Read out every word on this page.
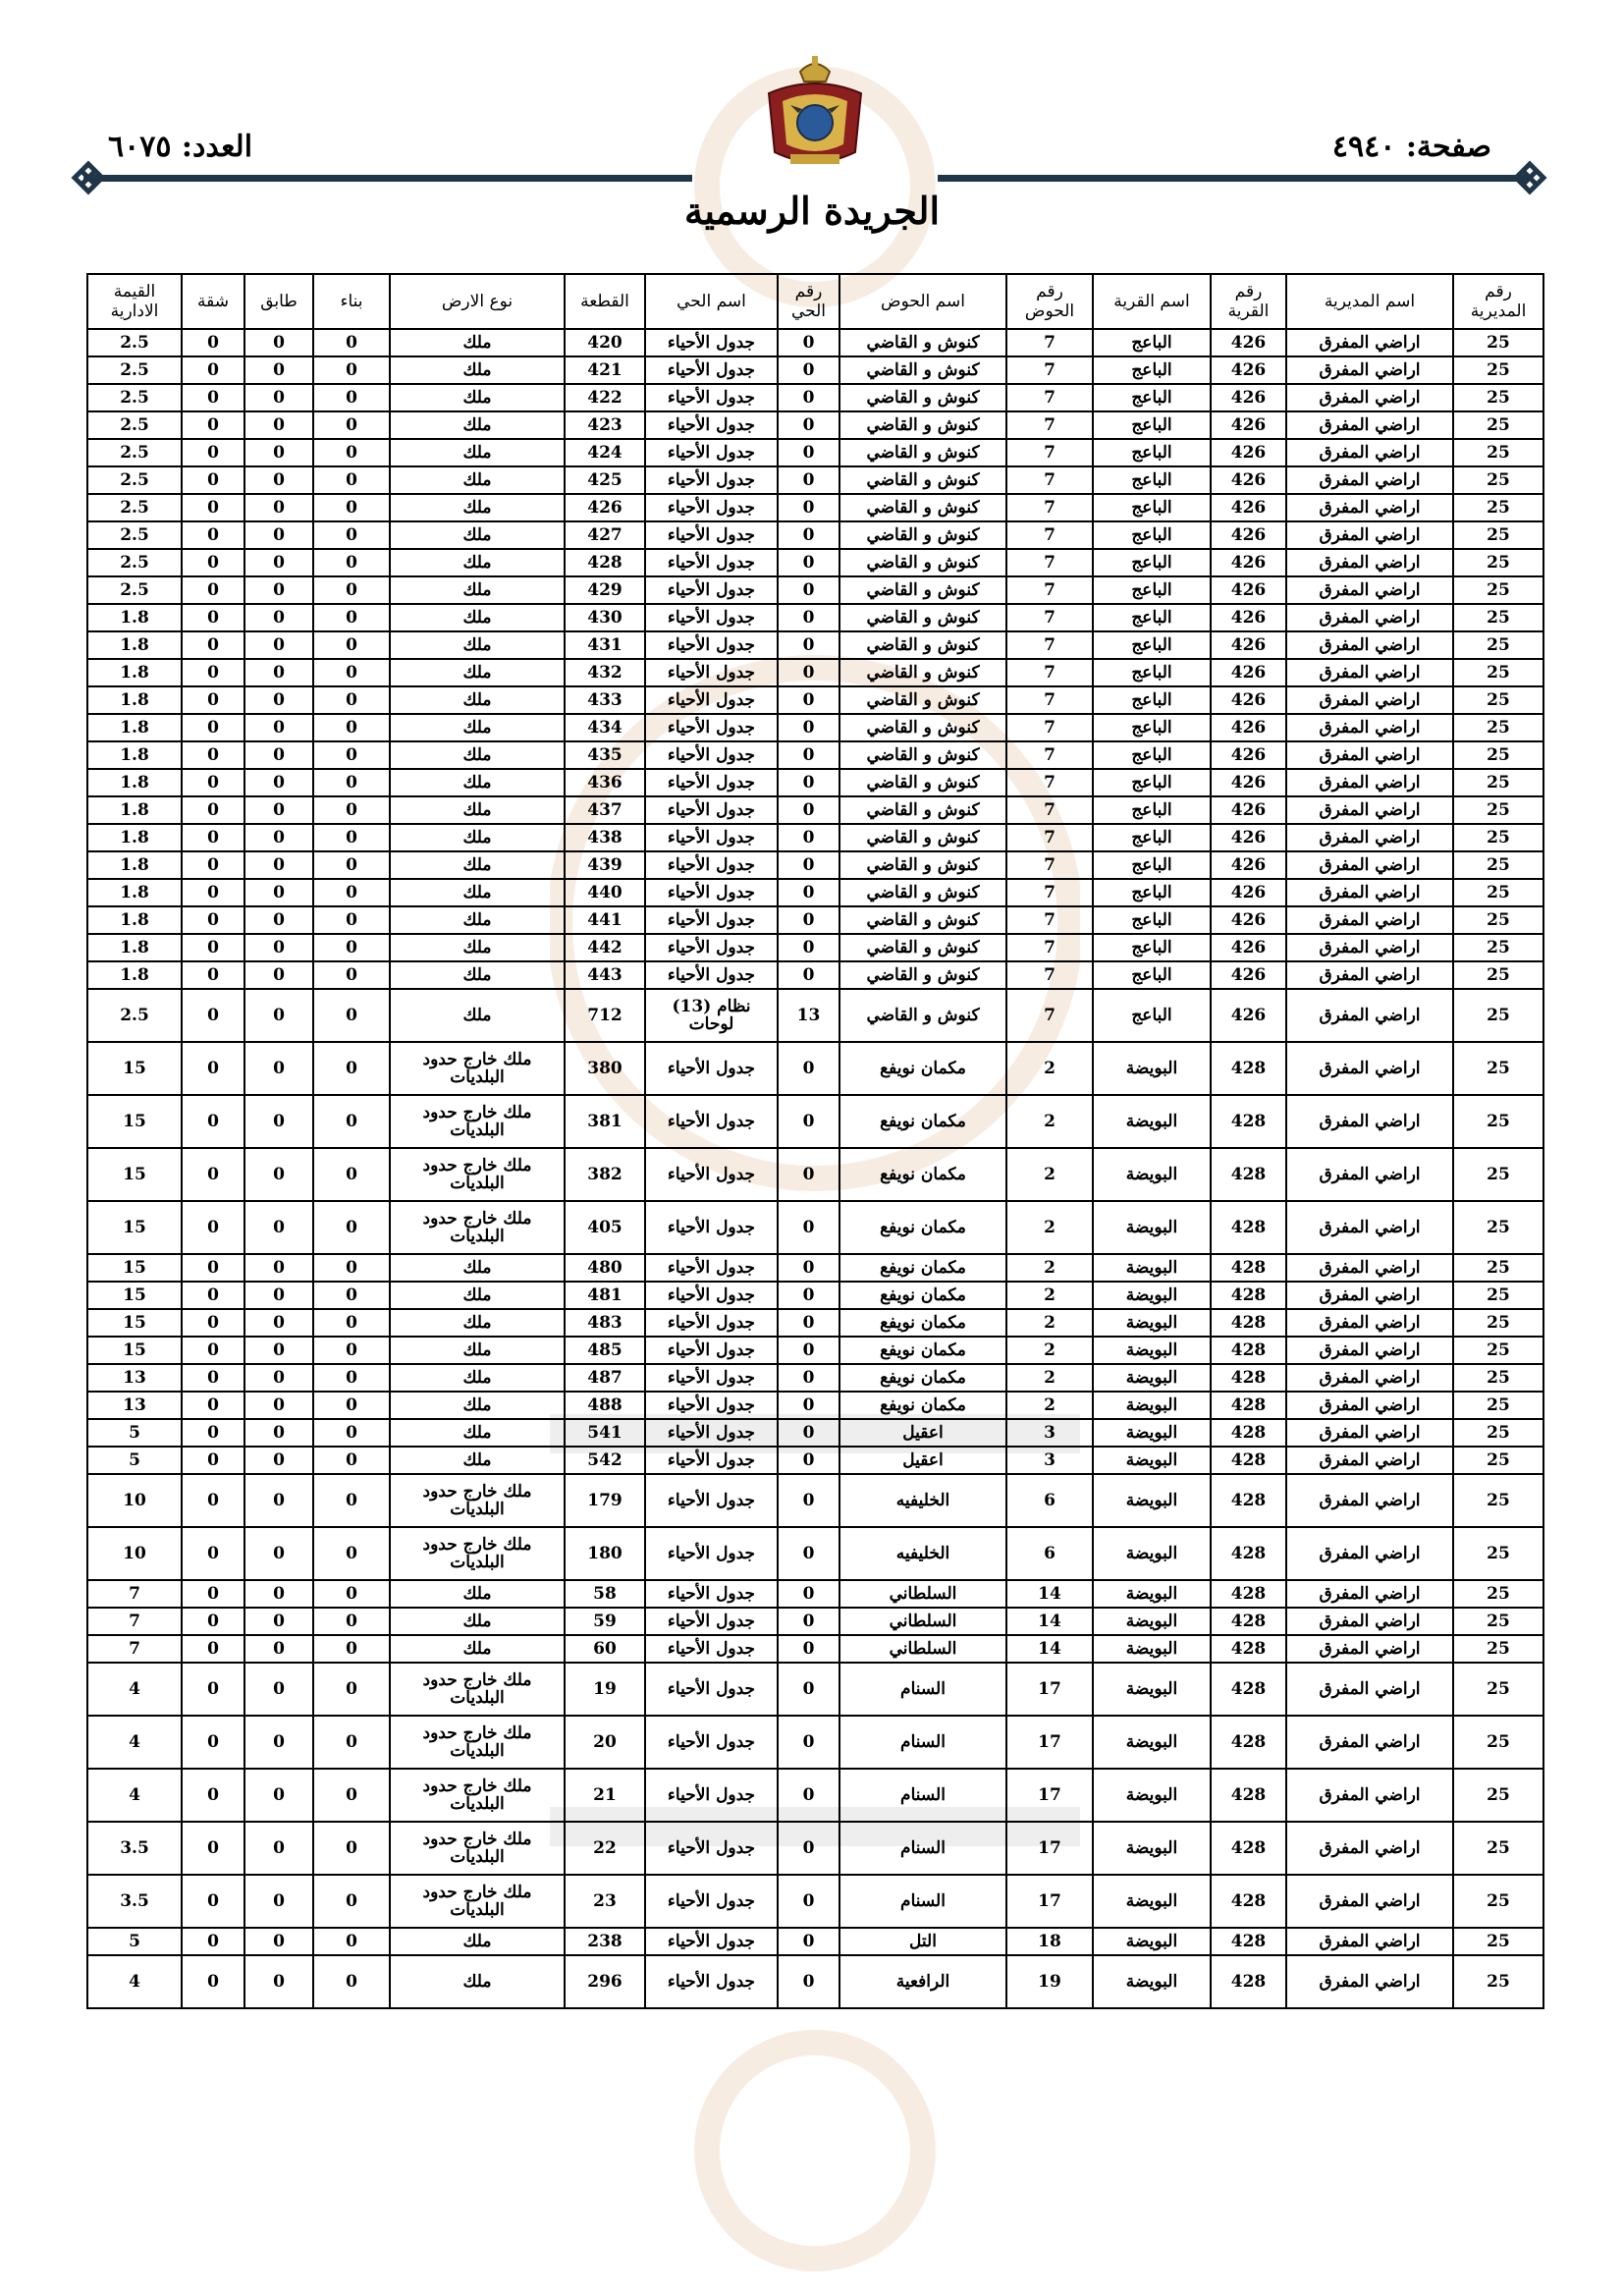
صفحة: ٤٩٤٠
العدد: ٦٠٧٥
الجريدة الرسمية
رقم المديرية	اسم المديرية	رقم القرية	اسم القرية	رقم الحوض	اسم الحوض	رقم الحي	اسم الحي	القطعة	نوع الارض	بناء	طابق	شقة	القيمة الادارية
25	اراضي المفرق	426	الباعج	7	كنوش و القاضي	0	جدول الأحياء	420	ملك	0	0	0	2.5
25	اراضي المفرق	426	الباعج	7	كنوش و القاضي	0	جدول الأحياء	421	ملك	0	0	0	2.5
25	اراضي المفرق	426	الباعج	7	كنوش و القاضي	0	جدول الأحياء	422	ملك	0	0	0	2.5
25	اراضي المفرق	426	الباعج	7	كنوش و القاضي	0	جدول الأحياء	423	ملك	0	0	0	2.5
25	اراضي المفرق	426	الباعج	7	كنوش و القاضي	0	جدول الأحياء	424	ملك	0	0	0	2.5
25	اراضي المفرق	426	الباعج	7	كنوش و القاضي	0	جدول الأحياء	425	ملك	0	0	0	2.5
25	اراضي المفرق	426	الباعج	7	كنوش و القاضي	0	جدول الأحياء	426	ملك	0	0	0	2.5
25	اراضي المفرق	426	الباعج	7	كنوش و القاضي	0	جدول الأحياء	427	ملك	0	0	0	2.5
25	اراضي المفرق	426	الباعج	7	كنوش و القاضي	0	جدول الأحياء	428	ملك	0	0	0	2.5
25	اراضي المفرق	426	الباعج	7	كنوش و القاضي	0	جدول الأحياء	429	ملك	0	0	0	2.5
25	اراضي المفرق	426	الباعج	7	كنوش و القاضي	0	جدول الأحياء	430	ملك	0	0	0	1.8
25	اراضي المفرق	426	الباعج	7	كنوش و القاضي	0	جدول الأحياء	431	ملك	0	0	0	1.8
25	اراضي المفرق	426	الباعج	7	كنوش و القاضي	0	جدول الأحياء	432	ملك	0	0	0	1.8
25	اراضي المفرق	426	الباعج	7	كنوش و القاضي	0	جدول الأحياء	433	ملك	0	0	0	1.8
25	اراضي المفرق	426	الباعج	7	كنوش و القاضي	0	جدول الأحياء	434	ملك	0	0	0	1.8
25	اراضي المفرق	426	الباعج	7	كنوش و القاضي	0	جدول الأحياء	435	ملك	0	0	0	1.8
25	اراضي المفرق	426	الباعج	7	كنوش و القاضي	0	جدول الأحياء	436	ملك	0	0	0	1.8
25	اراضي المفرق	426	الباعج	7	كنوش و القاضي	0	جدول الأحياء	437	ملك	0	0	0	1.8
25	اراضي المفرق	426	الباعج	7	كنوش و القاضي	0	جدول الأحياء	438	ملك	0	0	0	1.8
25	اراضي المفرق	426	الباعج	7	كنوش و القاضي	0	جدول الأحياء	439	ملك	0	0	0	1.8
25	اراضي المفرق	426	الباعج	7	كنوش و القاضي	0	جدول الأحياء	440	ملك	0	0	0	1.8
25	اراضي المفرق	426	الباعج	7	كنوش و القاضي	0	جدول الأحياء	441	ملك	0	0	0	1.8
25	اراضي المفرق	426	الباعج	7	كنوش و القاضي	0	جدول الأحياء	442	ملك	0	0	0	1.8
25	اراضي المفرق	426	الباعج	7	كنوش و القاضي	0	جدول الأحياء	443	ملك	0	0	0	1.8
25	اراضي المفرق	426	الباعج	7	كنوش و القاضي	13	نظام (13) لوحات	712	ملك	0	0	0	2.5
25	اراضي المفرق	428	البويضة	2	مكمان نويفع	0	جدول الأحياء	380	ملك خارج حدود البلديات	0	0	0	15
25	اراضي المفرق	428	البويضة	2	مكمان نويفع	0	جدول الأحياء	381	ملك خارج حدود البلديات	0	0	0	15
25	اراضي المفرق	428	البويضة	2	مكمان نويفع	0	جدول الأحياء	382	ملك خارج حدود البلديات	0	0	0	15
25	اراضي المفرق	428	البويضة	2	مكمان نويفع	0	جدول الأحياء	405	ملك خارج حدود البلديات	0	0	0	15
25	اراضي المفرق	428	البويضة	2	مكمان نويفع	0	جدول الأحياء	480	ملك	0	0	0	15
25	اراضي المفرق	428	البويضة	2	مكمان نويفع	0	جدول الأحياء	481	ملك	0	0	0	15
25	اراضي المفرق	428	البويضة	2	مكمان نويفع	0	جدول الأحياء	483	ملك	0	0	0	15
25	اراضي المفرق	428	البويضة	2	مكمان نويفع	0	جدول الأحياء	485	ملك	0	0	0	15
25	اراضي المفرق	428	البويضة	2	مكمان نويفع	0	جدول الأحياء	487	ملك	0	0	0	13
25	اراضي المفرق	428	البويضة	2	مكمان نويفع	0	جدول الأحياء	488	ملك	0	0	0	13
25	اراضي المفرق	428	البويضة	3	اعقيل	0	جدول الأحياء	541	ملك	0	0	0	5
25	اراضي المفرق	428	البويضة	3	اعقيل	0	جدول الأحياء	542	ملك	0	0	0	5
25	اراضي المفرق	428	البويضة	6	الخليفيه	0	جدول الأحياء	179	ملك خارج حدود البلديات	0	0	0	10
25	اراضي المفرق	428	البويضة	6	الخليفيه	0	جدول الأحياء	180	ملك خارج حدود البلديات	0	0	0	10
25	اراضي المفرق	428	البويضة	14	السلطاني	0	جدول الأحياء	58	ملك	0	0	0	7
25	اراضي المفرق	428	البويضة	14	السلطاني	0	جدول الأحياء	59	ملك	0	0	0	7
25	اراضي المفرق	428	البويضة	14	السلطاني	0	جدول الأحياء	60	ملك	0	0	0	7
25	اراضي المفرق	428	البويضة	17	السنام	0	جدول الأحياء	19	ملك خارج حدود البلديات	0	0	0	4
25	اراضي المفرق	428	البويضة	17	السنام	0	جدول الأحياء	20	ملك خارج حدود البلديات	0	0	0	4
25	اراضي المفرق	428	البويضة	17	السنام	0	جدول الأحياء	21	ملك خارج حدود البلديات	0	0	0	4
25	اراضي المفرق	428	البويضة	17	السنام	0	جدول الأحياء	22	ملك خارج حدود البلديات	0	0	0	3.5
25	اراضي المفرق	428	البويضة	17	السنام	0	جدول الأحياء	23	ملك خارج حدود البلديات	0	0	0	3.5
25	اراضي المفرق	428	البويضة	18	التل	0	جدول الأحياء	238	ملك	0	0	0	5
25	اراضي المفرق	428	البويضة	19	الرافعية	0	جدول الأحياء	296	ملك	0	0	0	4
